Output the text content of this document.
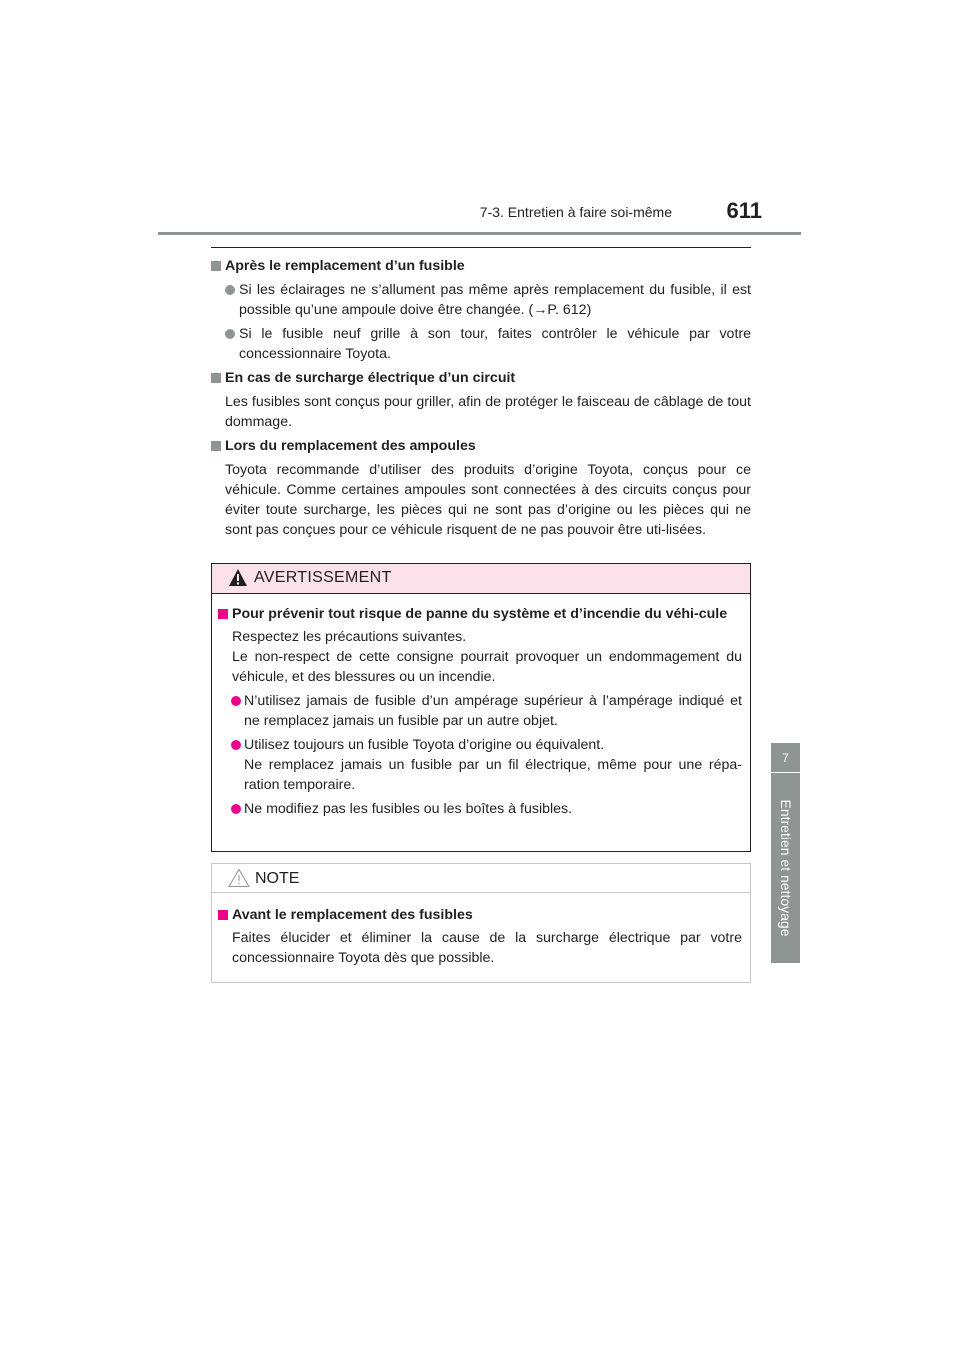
7-3. Entretien à faire soi-même	611
7
Entretien et nettoyage
Après le remplacement d’un fusible
Si les éclairages ne s’allument pas même après remplacement du fusible, il est possible qu’une ampoule doive être changée. (→P. 612)
Si le fusible neuf grille à son tour, faites contrôler le véhicule par votre concessionnaire Toyota.
En cas de surcharge électrique d’un circuit
Les fusibles sont conçus pour griller, afin de protéger le faisceau de câblage de tout dommage.
Lors du remplacement des ampoules
Toyota recommande d’utiliser des produits d’origine Toyota, conçus pour ce véhicule. Comme certaines ampoules sont connectées à des circuits conçus pour éviter toute surcharge, les pièces qui ne sont pas d’origine ou les pièces qui ne sont pas conçues pour ce véhicule risquent de ne pas pouvoir être uti-lisées.
AVERTISSEMENT
Pour prévenir tout risque de panne du système et d’incendie du véhi-cule
Respectez les précautions suivantes.
Le non-respect de cette consigne pourrait provoquer un endommagement du véhicule, et des blessures ou un incendie.
N’utilisez jamais de fusible d’un ampérage supérieur à l’ampérage indiqué et ne remplacez jamais un fusible par un autre objet.
Utilisez toujours un fusible Toyota d’origine ou équivalent.
Ne remplacez jamais un fusible par un fil électrique, même pour une répa-ration temporaire.
Ne modifiez pas les fusibles ou les boîtes à fusibles.
NOTE
Avant le remplacement des fusibles
Faites élucider et éliminer la cause de la surcharge électrique par votre concessionnaire Toyota dès que possible.
